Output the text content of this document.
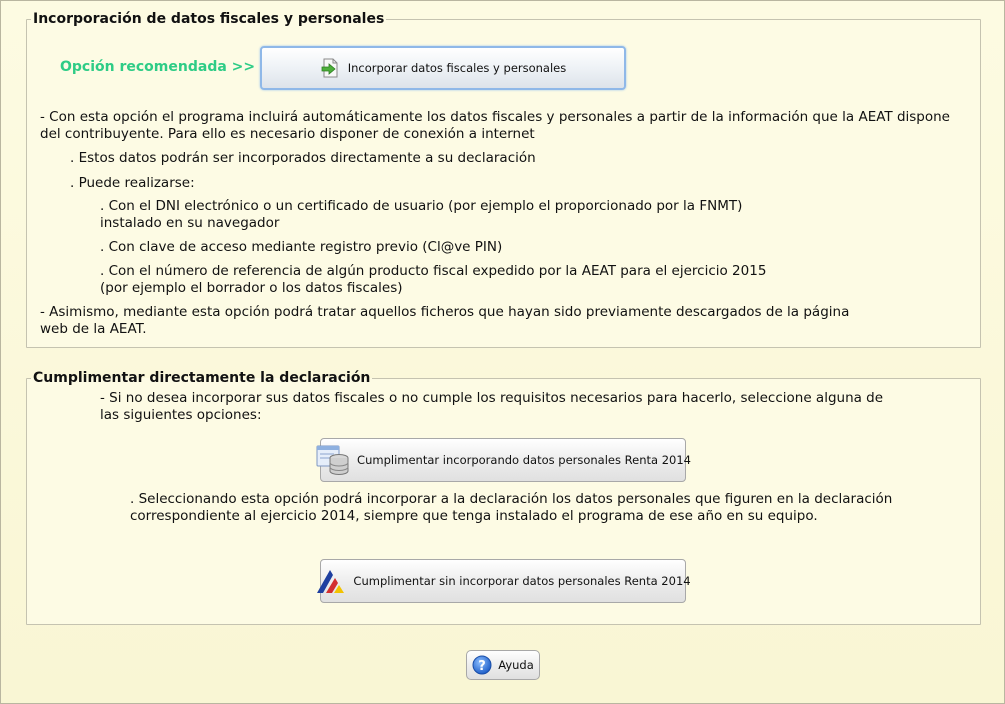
Incorporación de datos fiscales y personales
Cumplimentar directamente la declaración
Opción recomendada >>	Incorporar datos fiscales y personales
- Con esta opción el programa incluirá automáticamente los datos fiscales y personales a partir de la información que la AEAT dispone
del contribuyente. Para ello es necesario disponer de conexión a internet
. Estos datos podrán ser incorporados directamente a su declaración
. Puede realizarse:
. Con el DNI electrónico o un certificado de usuario (por ejemplo el proporcionado por la FNMT)
instalado en su navegador
. Con clave de acceso mediante registro previo (Cl@ve PIN)
. Con el número de referencia de algún producto fiscal expedido por la AEAT para el ejercicio 2015
(por ejemplo el borrador o los datos fiscales)
- Asimismo, mediante esta opción podrá tratar aquellos ficheros que hayan sido previamente descargados de la página
web de la AEAT.
- Si no desea incorporar sus datos fiscales o no cumple los requisitos necesarios para hacerlo, seleccione alguna de
las siguientes opciones:
Cumplimentar incorporando datos personales Renta 2014
. Seleccionando esta opción podrá incorporar a la declaración los datos personales que figuren en la declaración
correspondiente al ejercicio 2014, siempre que tenga instalado el programa de ese año en su equipo.
Cumplimentar sin incorporar datos personales Renta 2014
? Ayuda
